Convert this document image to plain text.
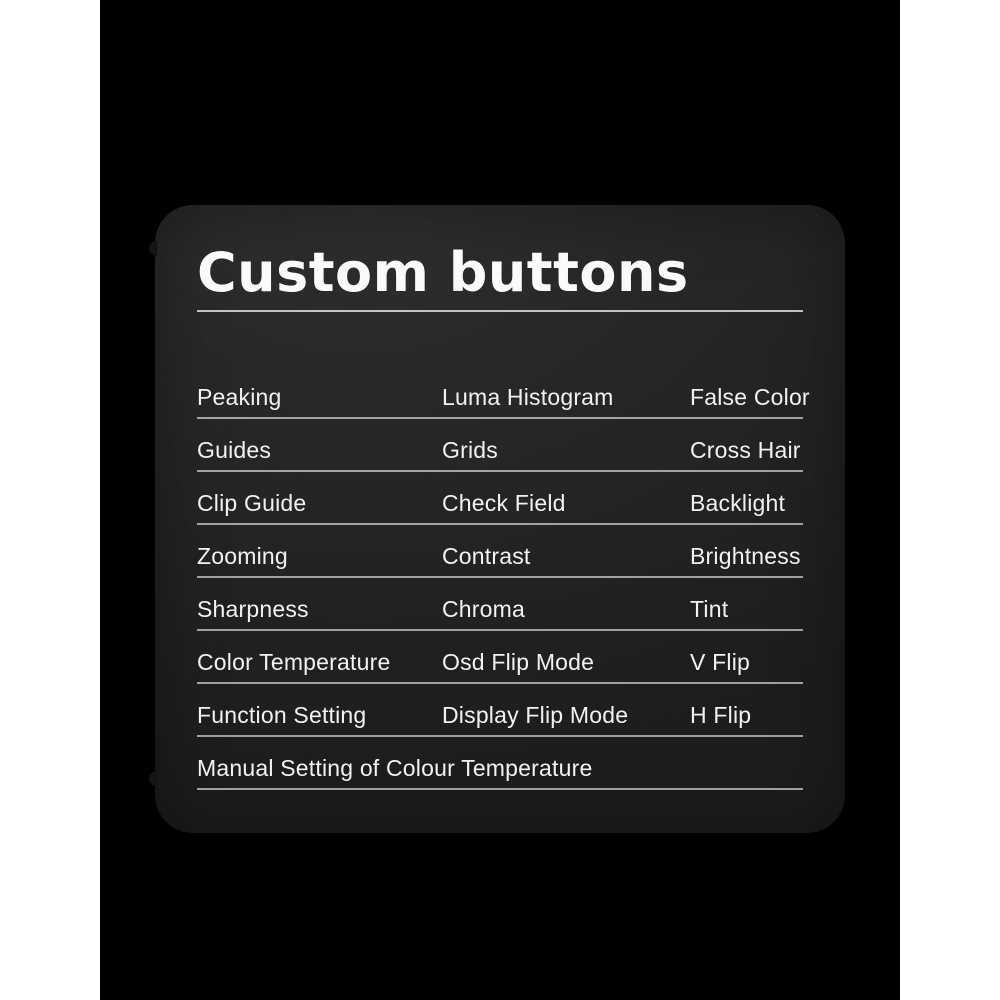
Custom buttons
Peaking	Luma Histogram	False Color
Guides	Grids	Cross Hair
Clip Guide	Check Field	Backlight
Zooming	Contrast	Brightness
Sharpness	Chroma	Tint
Color Temperature	Osd Flip Mode	V Flip
Function Setting	Display Flip Mode	H Flip
Manual Setting of Colour Temperature
